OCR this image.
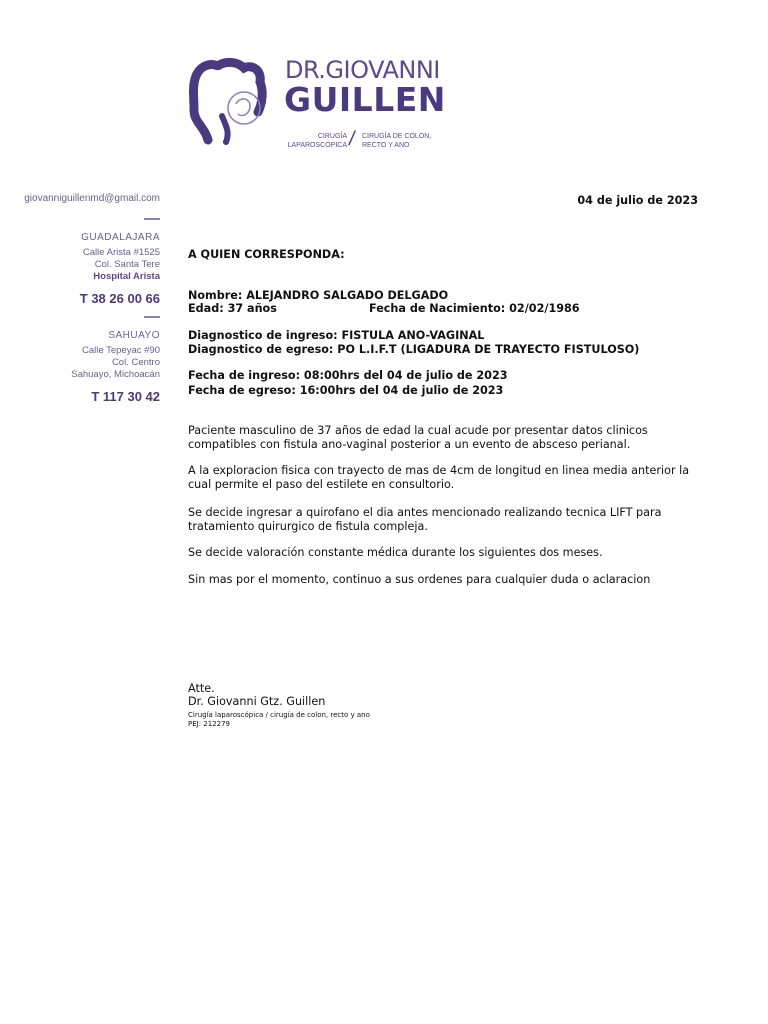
DR.GIOVANNI
GUILLEN
CIRUGÍA
LAPAROSCÓPICA / CIRUGÍA DE COLON,
RECTO Y ANO
giovanniguillenmd@gmail.com
GUADALAJARA
Calle Arista #1525
Col. Santa Tere
Hospital Arista
T 38 26 00 66
SAHUAYO
Calle Tepeyac #90
Col. Centro
Sahuayo, Michoacán
T 117 30 42
04 de julio de 2023
A QUIEN CORRESPONDA:
Nombre: ALEJANDRO SALGADO DELGADO
Edad: 37 años	Fecha de Nacimiento: 02/02/1986
Diagnostico de ingreso: FISTULA ANO-VAGINAL
Diagnostico de egreso: PO L.I.F.T (LIGADURA DE TRAYECTO FISTULOSO)
Fecha de ingreso: 08:00hrs del 04 de julio de 2023
Fecha de egreso: 16:00hrs del 04 de julio de 2023
Paciente masculino de 37 años de edad la cual acude por presentar datos clinicos compatibles con fistula ano-vaginal posterior a un evento de absceso perianal.
A la exploracion fisica con trayecto de mas de 4cm de longitud en linea media anterior la cual permite el paso del estilete en consultorio.
Se decide ingresar a quirofano el dia antes mencionado realizando tecnica LIFT para tratamiento quirurgico de fistula compleja.
Se decide valoración constante médica durante los siguientes dos meses.
Sin mas por el momento, continuo a sus ordenes para cualquier duda o aclaracion
Atte.
Dr. Giovanni Gtz. Guillen
Cirugía laparoscópica / cirugía de colon, recto y ano
PEJ: 212279
